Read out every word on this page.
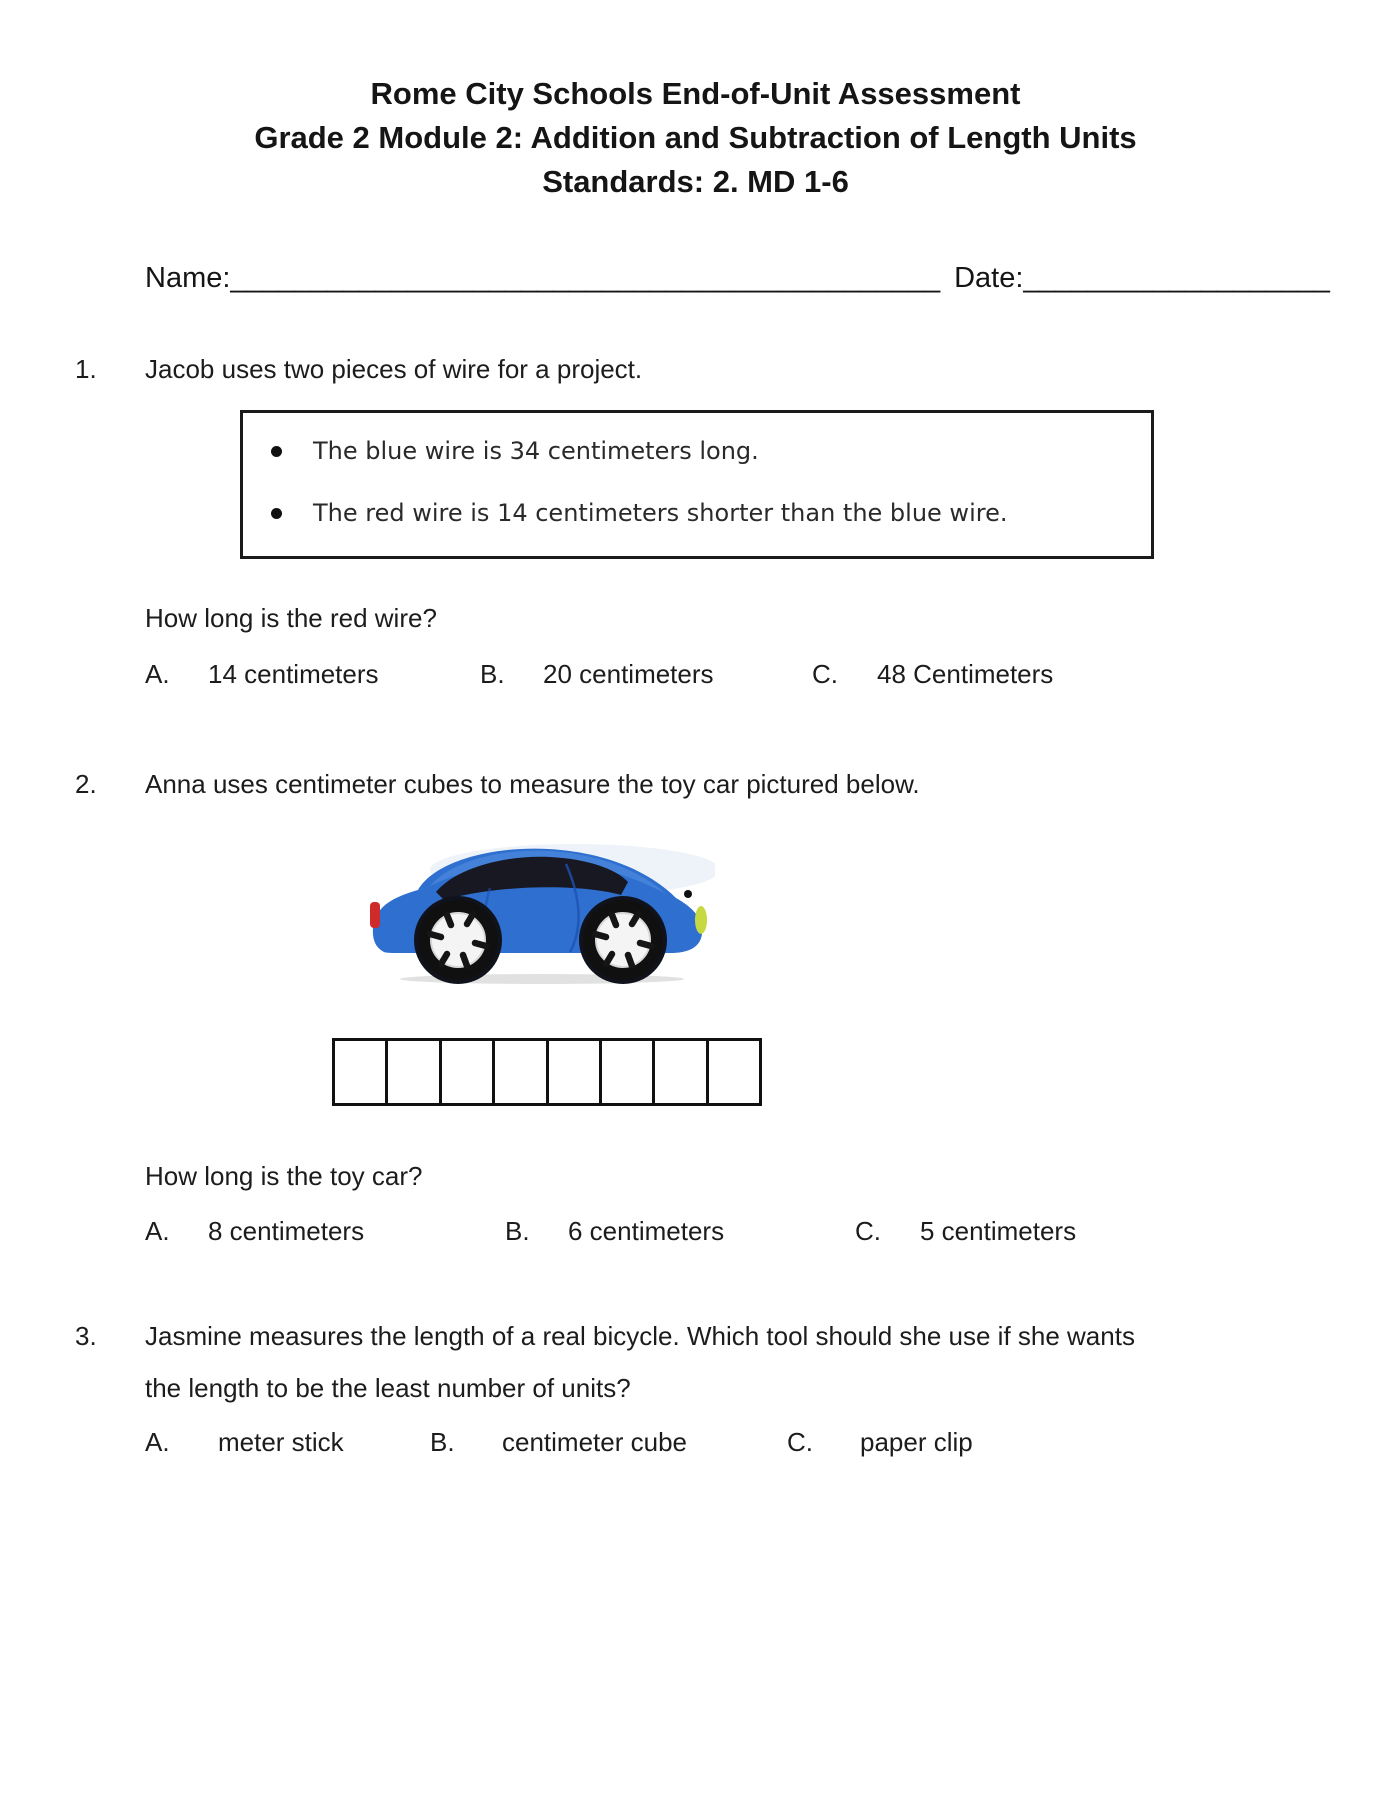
Rome City Schools End-of-Unit Assessment
Grade 2 Module 2: Addition and Subtraction of Length Units
Standards: 2. MD 1-6
Name:____________________________________________ Date:___________________
1. Jacob uses two pieces of wire for a project.
The blue wire is 34 centimeters long.
The red wire is 14 centimeters shorter than the blue wire.
How long is the red wire?
A. 14 centimeters	B. 20 centimeters	C. 48 Centimeters
2. Anna uses centimeter cubes to measure the toy car pictured below.
How long is the toy car?
A. 8 centimeters	B. 6 centimeters	C. 5 centimeters
3. Jasmine measures the length of a real bicycle. Which tool should she use if she wants
the length to be the least number of units?
A. meter stick	B. centimeter cube	C. paper clip
